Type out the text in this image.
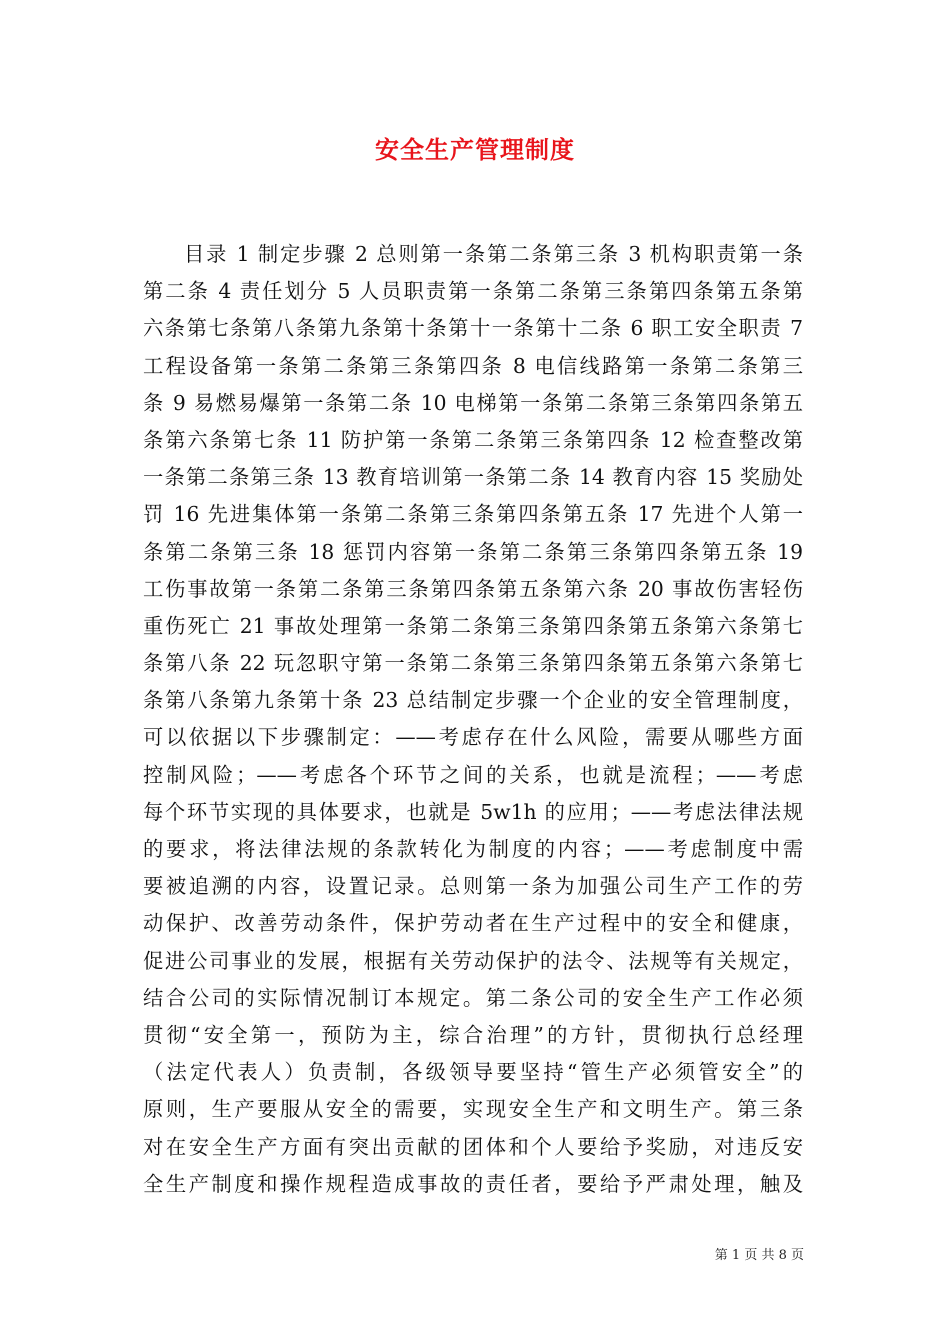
安全生产管理制度
目录 1 制定步骤 2 总则第一条第二条第三条 3 机构职责第一条
第二条 4 责任划分 5 人员职责第一条第二条第三条第四条第五条第
六条第七条第八条第九条第十条第十一条第十二条 6 职工安全职责 7
工程设备第一条第二条第三条第四条 8 电信线路第一条第二条第三
条 9 易燃易爆第一条第二条 10 电梯第一条第二条第三条第四条第五
条第六条第七条 11 防护第一条第二条第三条第四条 12 检查整改第
一条第二条第三条 13 教育培训第一条第二条 14 教育内容 15 奖励处
罚 16 先进集体第一条第二条第三条第四条第五条 17 先进个人第一
条第二条第三条 18 惩罚内容第一条第二条第三条第四条第五条 19
工伤事故第一条第二条第三条第四条第五条第六条 20 事故伤害轻伤
重伤死亡 21 事故处理第一条第二条第三条第四条第五条第六条第七
条第八条 22 玩忽职守第一条第二条第三条第四条第五条第六条第七
条第八条第九条第十条 23 总结制定步骤一个企业的安全管理制度，
可以依据以下步骤制定：——考虑存在什么风险，需要从哪些方面
控制风险；——考虑各个环节之间的关系，也就是流程；——考虑
每个环节实现的具体要求，也就是 5w1h 的应用；——考虑法律法规
的要求，将法律法规的条款转化为制度的内容；——考虑制度中需
要被追溯的内容，设置记录。总则第一条为加强公司生产工作的劳
动保护、改善劳动条件，保护劳动者在生产过程中的安全和健康，
促进公司事业的发展，根据有关劳动保护的法令、法规等有关规定，
结合公司的实际情况制订本规定。第二条公司的安全生产工作必须
贯彻“安全第一，预防为主，综合治理”的方针，贯彻执行总经理
（法定代表人）负责制，各级领导要坚持“管生产必须管安全”的
原则，生产要服从安全的需要，实现安全生产和文明生产。第三条
对在安全生产方面有突出贡献的团体和个人要给予奖励，对违反安
全生产制度和操作规程造成事故的责任者，要给予严肃处理，触及
第 1 页 共 8 页
